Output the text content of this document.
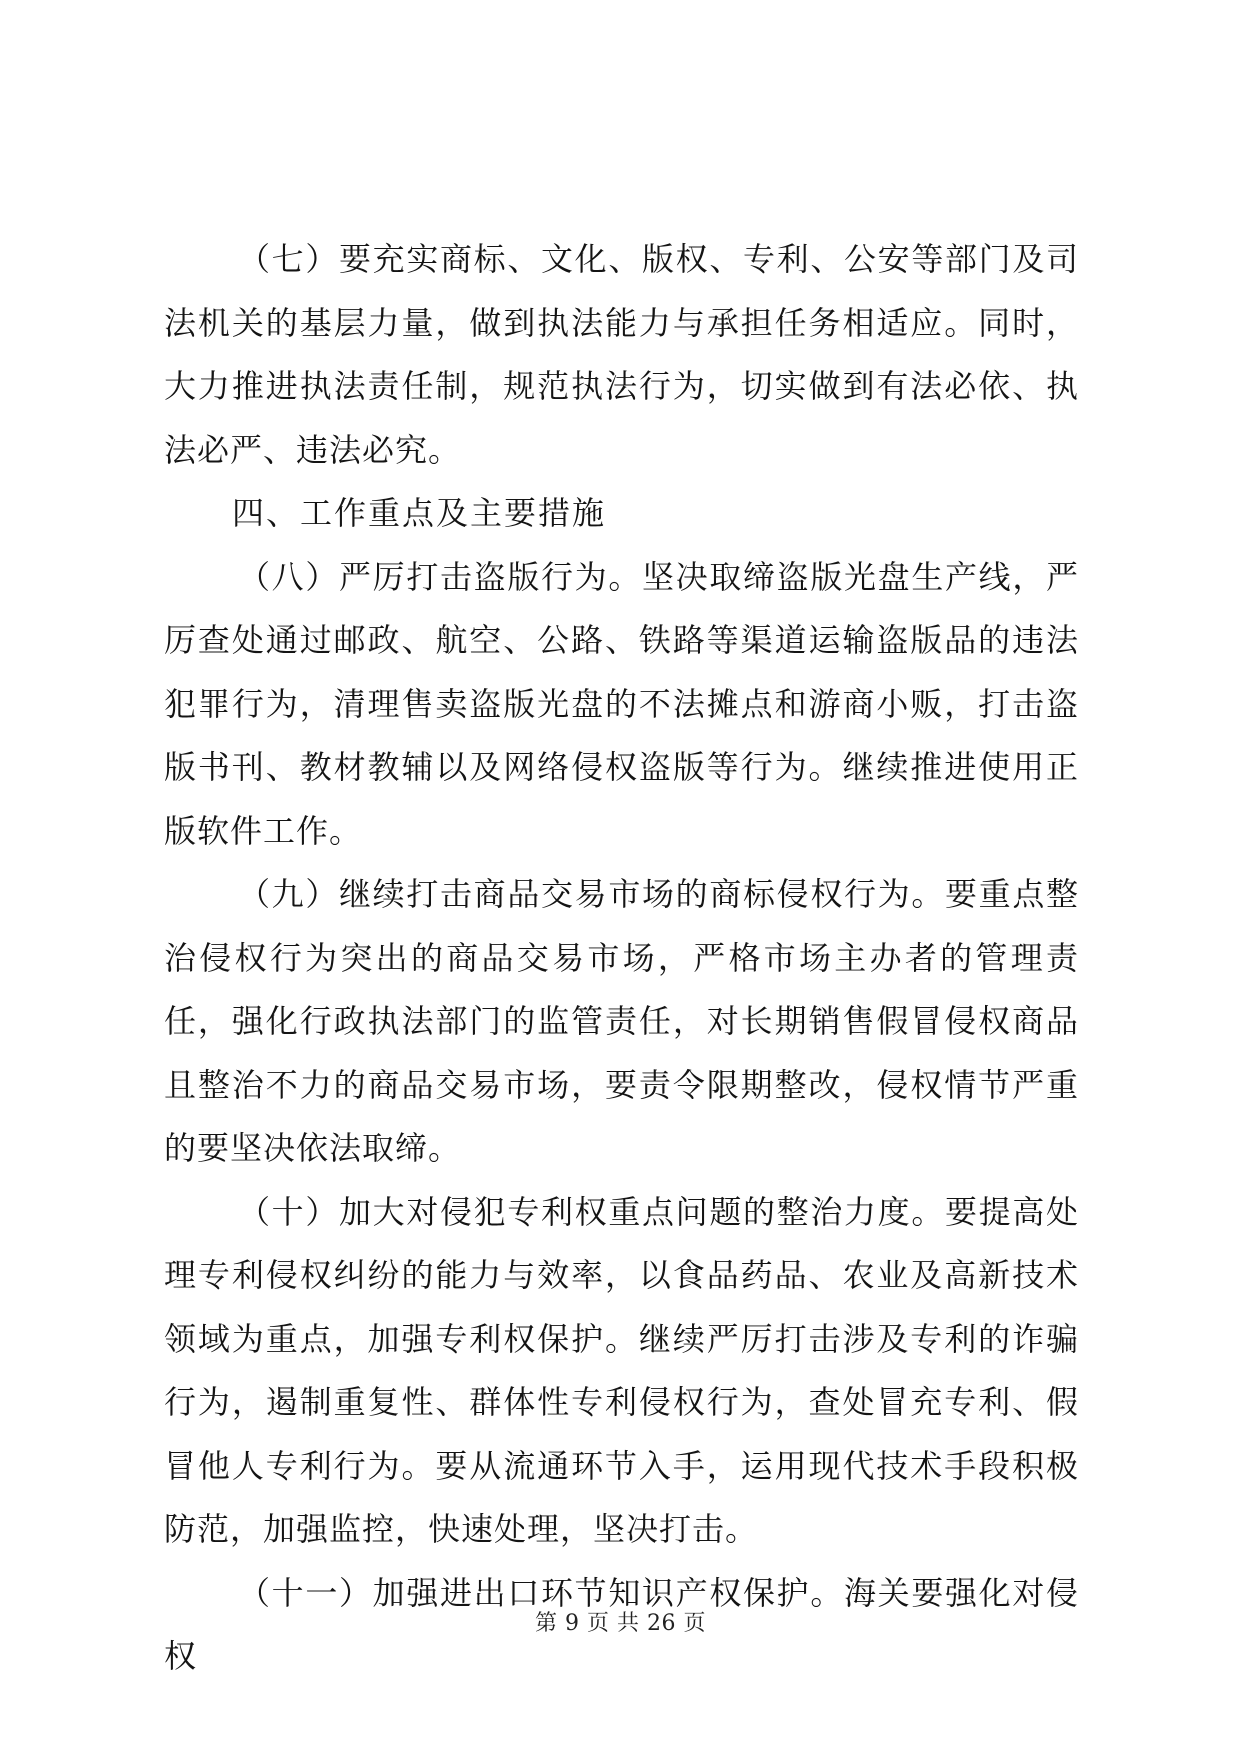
（七）要充实商标、文化、版权、专利、公安等部门及司法机关的基层力量，做到执法能力与承担任务相适应。同时，大力推进执法责任制，规范执法行为，切实做到有法必依、执法必严、违法必究。

四、工作重点及主要措施

（八）严厉打击盗版行为。坚决取缔盗版光盘生产线，严厉查处通过邮政、航空、公路、铁路等渠道运输盗版品的违法犯罪行为，清理售卖盗版光盘的不法摊点和游商小贩，打击盗版书刊、教材教辅以及网络侵权盗版等行为。继续推进使用正版软件工作。

（九）继续打击商品交易市场的商标侵权行为。要重点整治侵权行为突出的商品交易市场，严格市场主办者的管理责任，强化行政执法部门的监管责任，对长期销售假冒侵权商品且整治不力的商品交易市场，要责令限期整改，侵权情节严重的要坚决依法取缔。

（十）加大对侵犯专利权重点问题的整治力度。要提高处理专利侵权纠纷的能力与效率，以食品药品、农业及高新技术领域为重点，加强专利权保护。继续严厉打击涉及专利的诈骗行为，遏制重复性、群体性专利侵权行为，查处冒充专利、假冒他人专利行为。要从流通环节入手，运用现代技术手段积极防范，加强监控，快速处理，坚决打击。

（十一）加强进出口环节知识产权保护。海关要强化对侵权

第 9 页 共 26 页
